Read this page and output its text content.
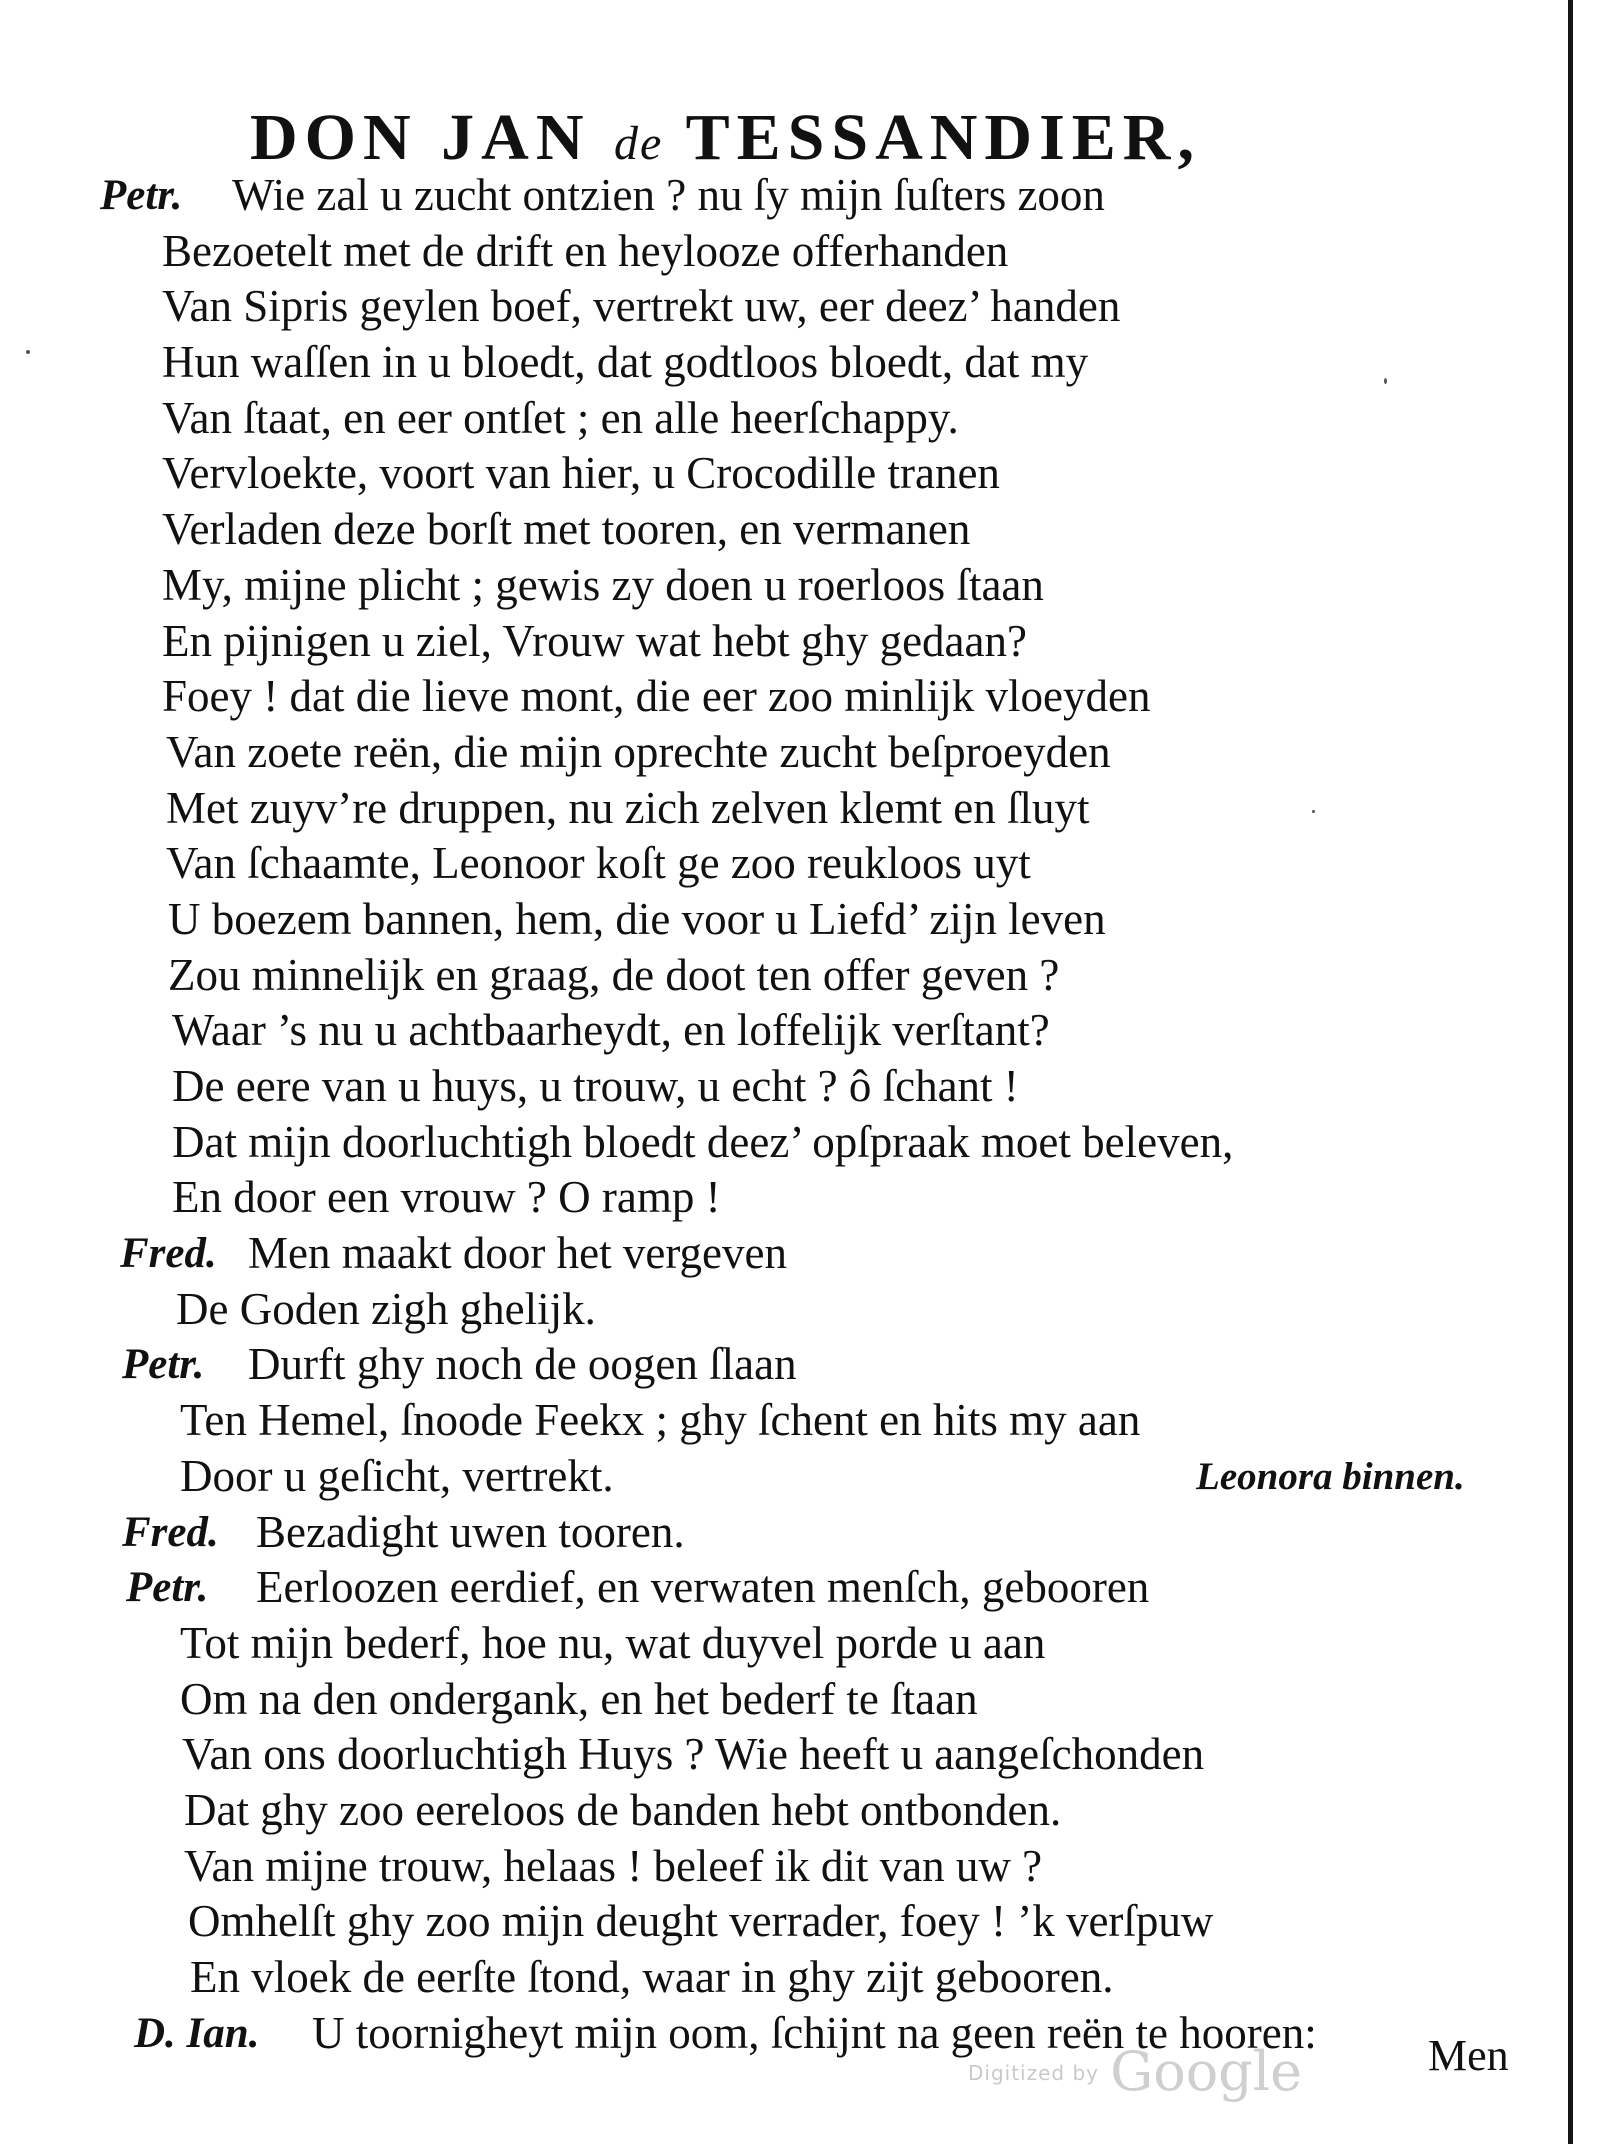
DON JAN de TESSANDIER,
Petr. Wie zal u zucht ontzien ? nu ſy mijn ſuſters zoon
Bezoetelt met de drift en heylooze offerhanden
Van Sipris geylen boef, vertrekt uw, eer deez’ handen
Hun waſſen in u bloedt, dat godtloos bloedt, dat my
Van ſtaat, en eer ontſet ; en alle heerſchappy.
Vervloekte, voort van hier, u Crocodille tranen
Verladen deze borſt met tooren, en vermanen
My, mijne plicht ; gewis zy doen u roerloos ſtaan
En pijnigen u ziel, Vrouw wat hebt ghy gedaan?
Foey ! dat die lieve mont, die eer zoo minlijk vloeyden
Van zoete reën, die mijn oprechte zucht beſproeyden
Met zuyv’re druppen, nu zich zelven klemt en ſluyt
Van ſchaamte, Leonoor koſt ge zoo reukloos uyt
U boezem bannen, hem, die voor u Liefd’ zijn leven
Zou minnelijk en graag, de doot ten offer geven ?
Waar ’s nu u achtbaarheydt, en loffelijk verſtant?
De eere van u huys, u trouw, u echt ? ô ſchant !
Dat mijn doorluchtigh bloedt deez’ opſpraak moet beleven,
En door een vrouw ? O ramp !
Fred. Men maakt door het vergeven
De Goden zigh ghelijk.
Petr. Durft ghy noch de oogen ſlaan
Ten Hemel, ſnoode Feekx ; ghy ſchent en hits my aan
Door u geſicht, vertrekt.	Leonora binnen.
Fred. Bezadight uwen tooren.
Petr. Eerloozen eerdief, en verwaten menſch, gebooren
Tot mijn bederf, hoe nu, wat duyvel porde u aan
Om na den ondergank, en het bederf te ſtaan
Van ons doorluchtigh Huys ? Wie heeft u aangeſchonden
Dat ghy zoo eereloos de banden hebt ontbonden.
Van mijne trouw, helaas ! beleef ik dit van uw ?
Omhelſt ghy zoo mijn deught verrader, foey ! ’k verſpuw
En vloek de eerſte ſtond, waar in ghy zijt gebooren.
D. Ian. U toornigheyt mijn oom, ſchijnt na geen reën te hooren:	Men
Digitized by Google
